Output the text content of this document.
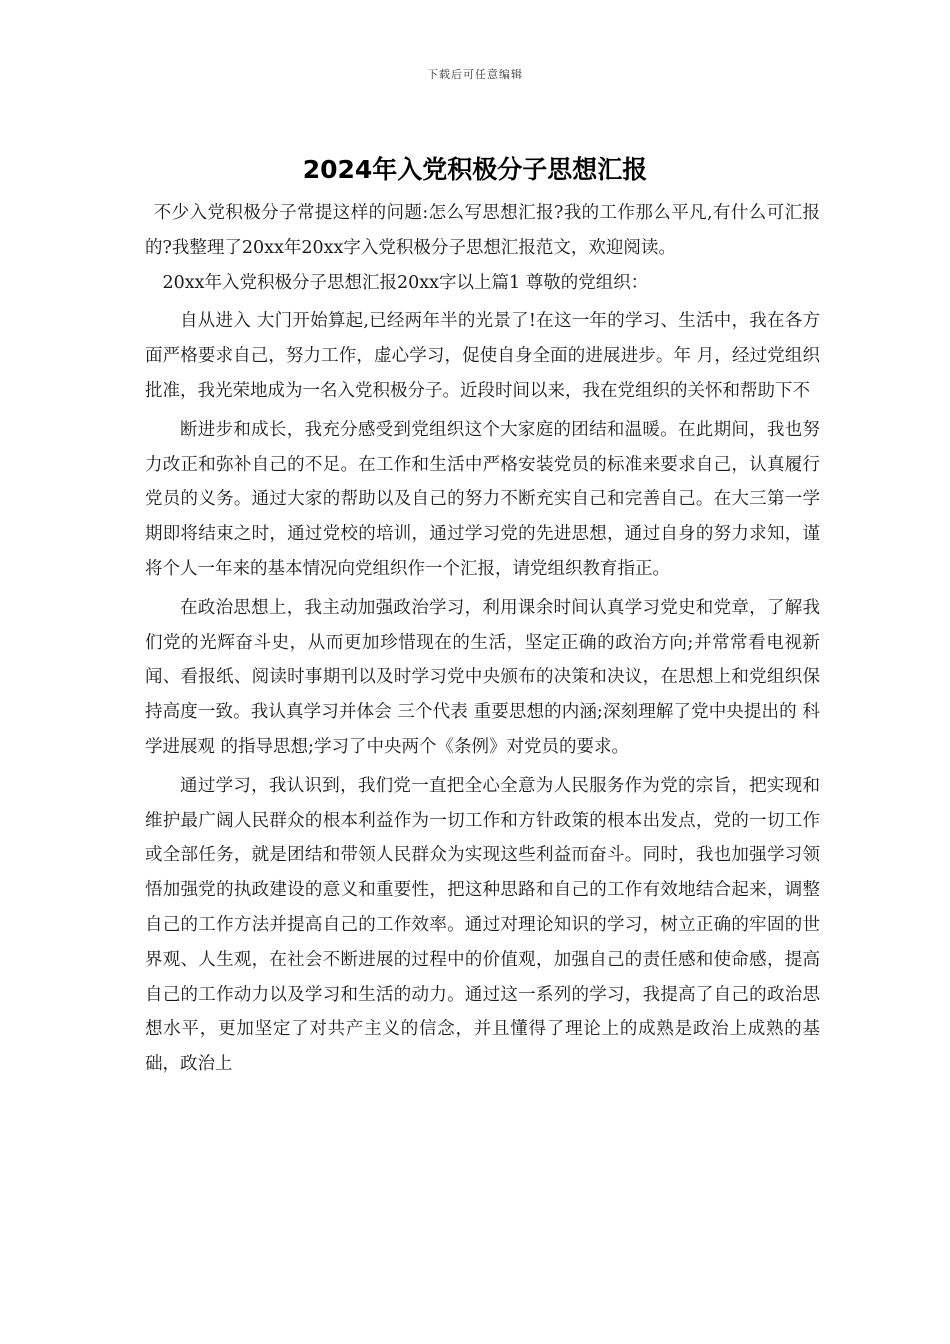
下载后可任意编辑
2024年入党积极分子思想汇报

不少入党积极分子常提这样的问题:怎么写思想汇报?我的工作那么平凡,有什么可汇报的?我整理了20xx年20xx字入党积极分子思想汇报范文，欢迎阅读。

20xx年入党积极分子思想汇报20xx字以上篇1 尊敬的党组织：

自从进入 大门开始算起,已经两年半的光景了!在这一年的学习、生活中，我在各方面严格要求自己，努力工作，虚心学习，促使自身全面的进展进步。年 月，经过党组织批准，我光荣地成为一名入党积极分子。近段时间以来，我在党组织的关怀和帮助下不

断进步和成长，我充分感受到党组织这个大家庭的团结和温暖。在此期间，我也努力改正和弥补自己的不足。在工作和生活中严格安装党员的标准来要求自己，认真履行党员的义务。通过大家的帮助以及自己的努力不断充实自己和完善自己。在大三第一学期即将结束之时，通过党校的培训，通过学习党的先进思想，通过自身的努力求知，谨将个人一年来的基本情况向党组织作一个汇报，请党组织教育指正。

在政治思想上，我主动加强政治学习，利用课余时间认真学习党史和党章，了解我们党的光辉奋斗史，从而更加珍惜现在的生活，坚定正确的政治方向;并常常看电视新闻、看报纸、阅读时事期刊以及时学习党中央颁布的决策和决议，在思想上和党组织保持高度一致。我认真学习并体会 三个代表 重要思想的内涵;深刻理解了党中央提出的 科学进展观 的指导思想;学习了中央两个《条例》对党员的要求。

通过学习，我认识到，我们党一直把全心全意为人民服务作为党的宗旨，把实现和维护最广阔人民群众的根本利益作为一切工作和方针政策的根本出发点，党的一切工作或全部任务，就是团结和带领人民群众为实现这些利益而奋斗。同时，我也加强学习领悟加强党的执政建设的意义和重要性，把这种思路和自己的工作有效地结合起来，调整自己的工作方法并提高自己的工作效率。通过对理论知识的学习，树立正确的牢固的世界观、人生观，在社会不断进展的过程中的价值观，加强自己的责任感和使命感，提高自己的工作动力以及学习和生活的动力。通过这一系列的学习，我提高了自己的政治思想水平，更加坚定了对共产主义的信念，并且懂得了理论上的成熟是政治上成熟的基础，政治上
